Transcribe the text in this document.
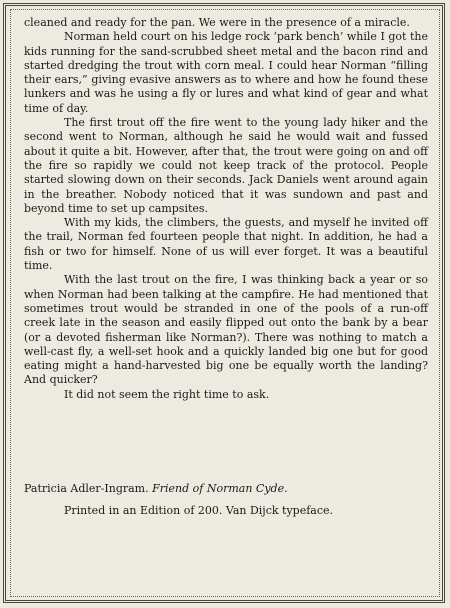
cleaned and ready for the pan. We were in the presence of a miracle.

Norman held court on his ledge rock ‘park bench’ while I got the kids running for the sand-scrubbed sheet metal and the bacon rind and started dredging the trout with corn meal. I could hear Norman “filling their ears,” giving evasive answers as to where and how he found these lunkers and was he using a fly or lures and what kind of gear and what time of day.

The first trout off the fire went to the young lady hiker and the second went to Norman, although he said he would wait and fussed about it quite a bit. However, after that, the trout were going on and off the fire so rapidly we could not keep track of the protocol. People started slowing down on their seconds. Jack Daniels went around again in the breather. Nobody noticed that it was sundown and past and beyond time to set up campsites.

With my kids, the climbers, the guests, and myself he invited off the trail, Norman fed fourteen people that night. In addition, he had a fish or two for himself. None of us will ever forget. It was a beautiful time.

With the last trout on the fire, I was thinking back a year or so when Norman had been talking at the campfire. He had mentioned that sometimes trout would be stranded in one of the pools of a run-off creek late in the season and easily flipped out onto the bank by a bear (or a devoted fisherman like Norman?). There was nothing to match a well-cast fly, a well-set hook and a quickly landed big one but for good eating might a hand-harvested big one be equally worth the landing? And quicker?

It did not seem the right time to ask.

Patricia Adler-Ingram. Friend of Norman Cyde.
Printed in an Edition of 200. Van Dijck typeface.
